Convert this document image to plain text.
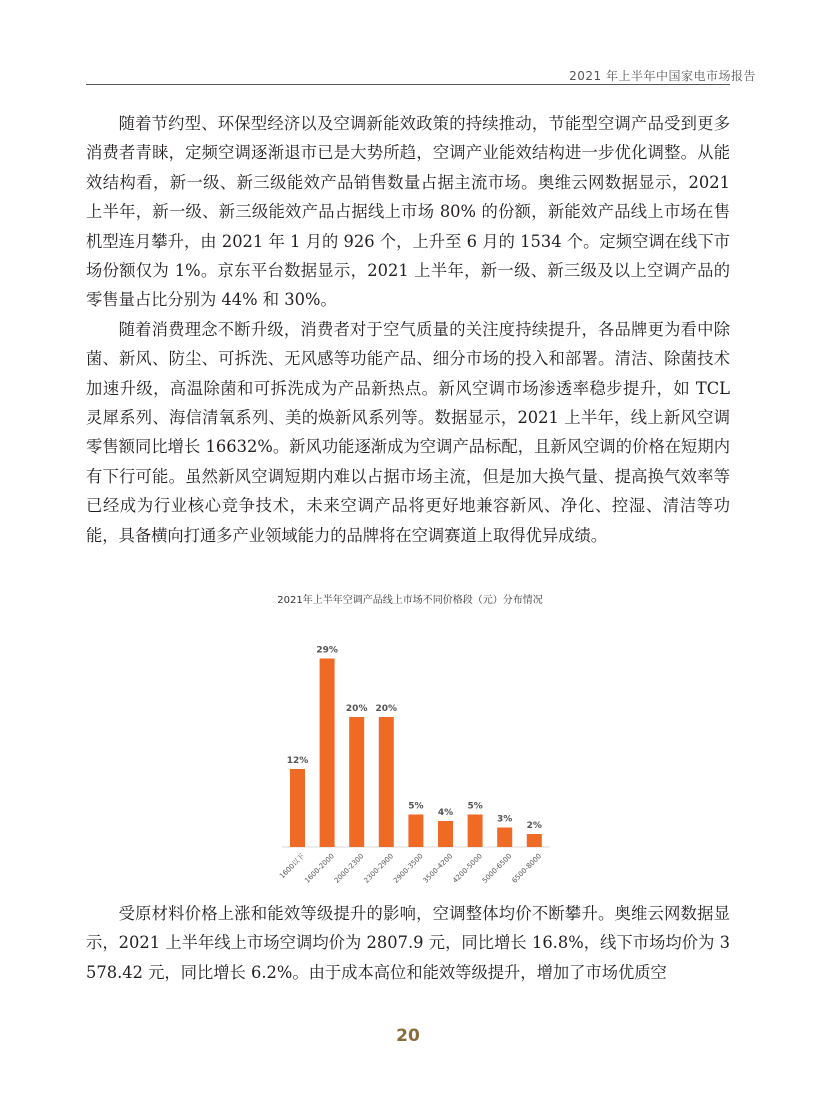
2021 年上半年中国家电市场报告

随着节约型、环保型经济以及空调新能效政策的持续推动，节能型空调产品受到更多消费者青睐，定频空调逐渐退市已是大势所趋，空调产业能效结构进一步优化调整。从能效结构看，新一级、新三级能效产品销售数量占据主流市场。奥维云网数据显示，2021 上半年，新一级、新三级能效产品占据线上市场 80% 的份额，新能效产品线上市场在售机型连月攀升，由 2021 年 1 月的 926 个，上升至 6 月的 1534 个。定频空调在线下市场份额仅为 1%。京东平台数据显示，2021 上半年，新一级、新三级及以上空调产品的零售量占比分别为 44% 和 30%。

随着消费理念不断升级，消费者对于空气质量的关注度持续提升，各品牌更为看中除菌、新风、防尘、可拆洗、无风感等功能产品、细分市场的投入和部署。清洁、除菌技术加速升级，高温除菌和可拆洗成为产品新热点。新风空调市场渗透率稳步提升，如 TCL 灵犀系列、海信清氧系列、美的焕新风系列等。数据显示，2021 上半年，线上新风空调零售额同比增长 16632%。新风功能逐渐成为空调产品标配，且新风空调的价格在短期内有下行可能。虽然新风空调短期内难以占据市场主流，但是加大换气量、提高换气效率等已经成为行业核心竞争技术，未来空调产品将更好地兼容新风、净化、控湿、清洁等功能，具备横向打通多产业领域能力的品牌将在空调赛道上取得优异成绩。

12%
1600以下
29%
1600-2000
20%
2000-2300
20%
2300-2900
5%
2900-3500
4%
3500-4200
5%
4200-5000
3%
5000-6500
2%
6500-8000
2021年上半年空调产品线上市场不同价格段（元）分布情况

受原材料价格上涨和能效等级提升的影响，空调整体均价不断攀升。奥维云网数据显示，2021 上半年线上市场空调均价为 2807.9 元，同比增长 16.8%，线下市场均价为 3578.42 元，同比增长 6.2%。由于成本高位和能效等级提升，增加了市场优质空

20
